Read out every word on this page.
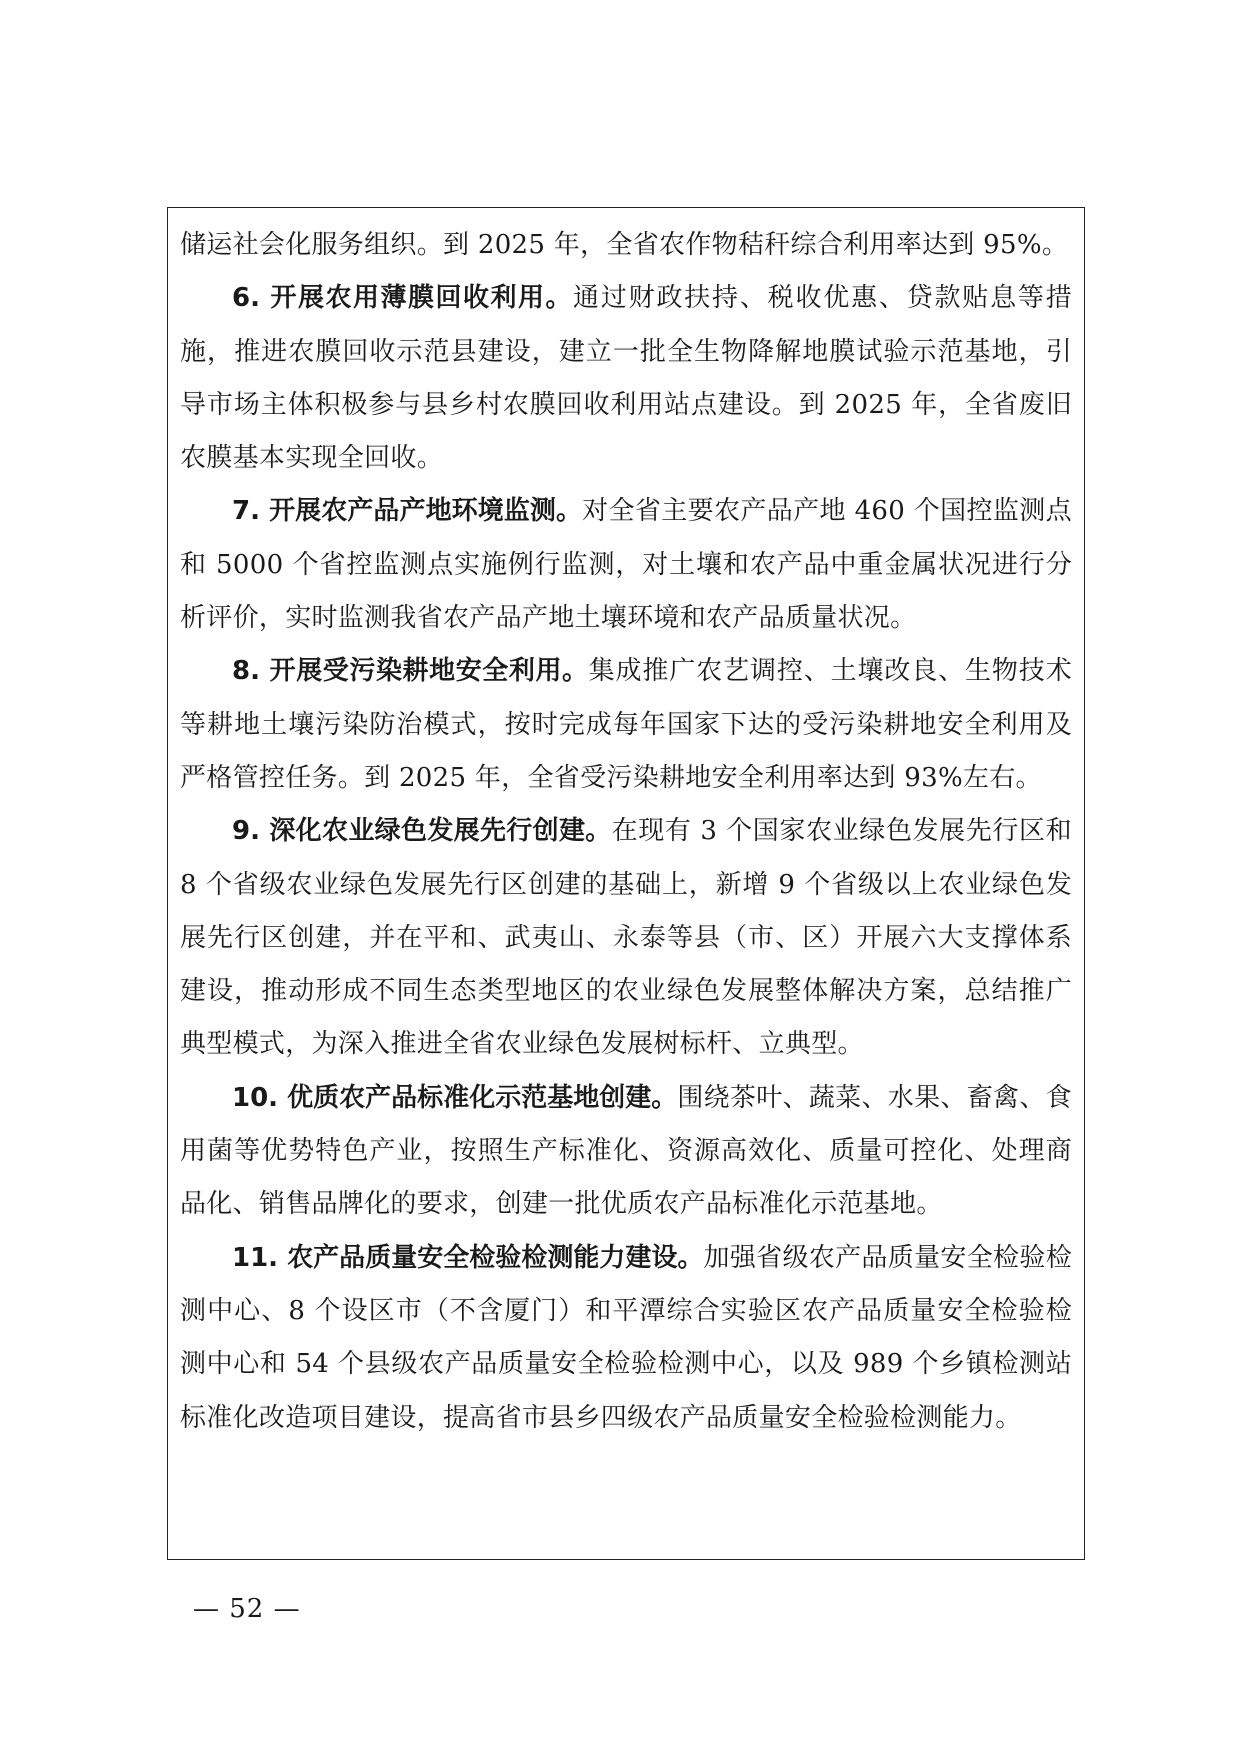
储运社会化服务组织。到 2025 年，全省农作物秸秆综合利用率达到 95%。

6. 开展农用薄膜回收利用。通过财政扶持、税收优惠、贷款贴息等措施，推进农膜回收示范县建设，建立一批全生物降解地膜试验示范基地，引导市场主体积极参与县乡村农膜回收利用站点建设。到 2025 年，全省废旧农膜基本实现全回收。

7. 开展农产品产地环境监测。对全省主要农产品产地 460 个国控监测点和 5000 个省控监测点实施例行监测，对土壤和农产品中重金属状况进行分析评价，实时监测我省农产品产地土壤环境和农产品质量状况。

8. 开展受污染耕地安全利用。集成推广农艺调控、土壤改良、生物技术等耕地土壤污染防治模式，按时完成每年国家下达的受污染耕地安全利用及严格管控任务。到 2025 年，全省受污染耕地安全利用率达到 93%左右。

9. 深化农业绿色发展先行创建。在现有 3 个国家农业绿色发展先行区和 8 个省级农业绿色发展先行区创建的基础上，新增 9 个省级以上农业绿色发展先行区创建，并在平和、武夷山、永泰等县（市、区）开展六大支撑体系建设，推动形成不同生态类型地区的农业绿色发展整体解决方案，总结推广典型模式，为深入推进全省农业绿色发展树标杆、立典型。

10. 优质农产品标准化示范基地创建。围绕茶叶、蔬菜、水果、畜禽、食用菌等优势特色产业，按照生产标准化、资源高效化、质量可控化、处理商品化、销售品牌化的要求，创建一批优质农产品标准化示范基地。

11. 农产品质量安全检验检测能力建设。加强省级农产品质量安全检验检测中心、8 个设区市（不含厦门）和平潭综合实验区农产品质量安全检验检测中心和 54 个县级农产品质量安全检验检测中心，以及 989 个乡镇检测站标准化改造项目建设，提高省市县乡四级农产品质量安全检验检测能力。

— 52 —
